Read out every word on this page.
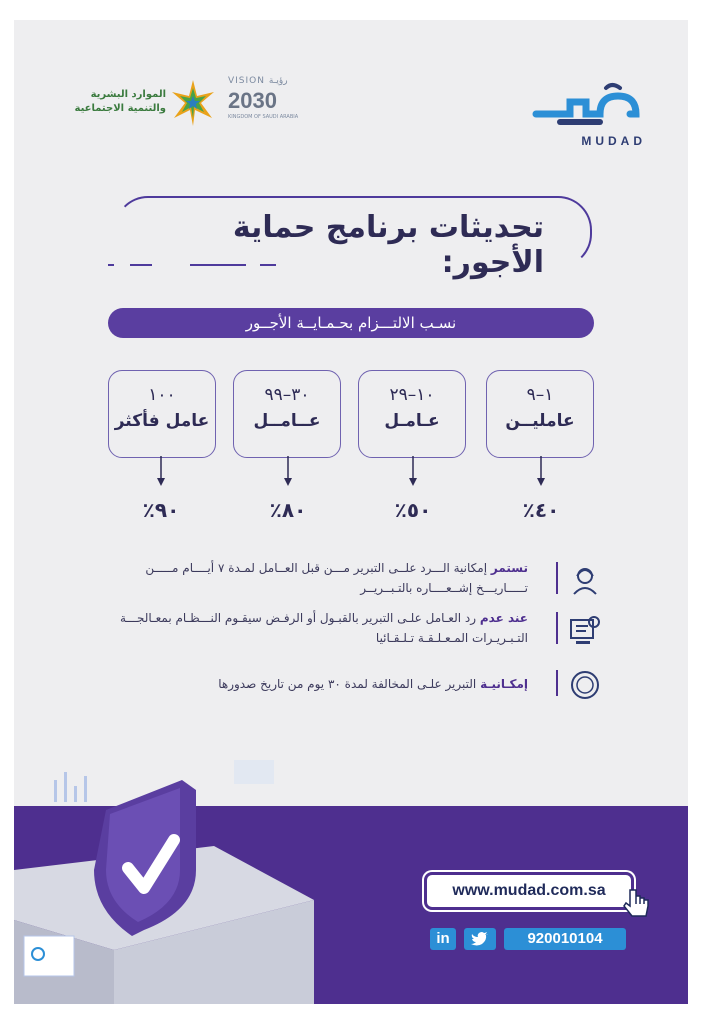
MUDAD
VISION رؤيـة
2030
KINGDOM OF SAUDI ARABIA
الموارد البشرية
والتنمية الاجتماعية
تحديثات برنامج حماية الأجور:
نسـب الالتـــزام بحـمـايــة الأجــور
١–٩
عامليــن
١٠–٢٩
عـامـل
٣٠–٩٩
عــامــل
١٠٠
عامل فأكثر
٤٠٪
٥٠٪
٨٠٪
٩٠٪
تستمر إمكانية الـــرد علــى التبرير مـــن قبل العــامل لمـدة ٧ أيــــام مـــــن تـــــاريـــخ إشــعــــاره بالتـبــريــر
عند عدم رد العـامل علـى التبرير بالقبـول أو الرفـض سيقـوم النـــظـام بمعـالجـــة التـبـريـرات المـعـلـقـة تـلـقـائيا
إمكـانيـة التبرير علـى المخالفة لمدة ٣٠ يوم من تاريخ صدورها
www.mudad.com.sa
in	920010104
